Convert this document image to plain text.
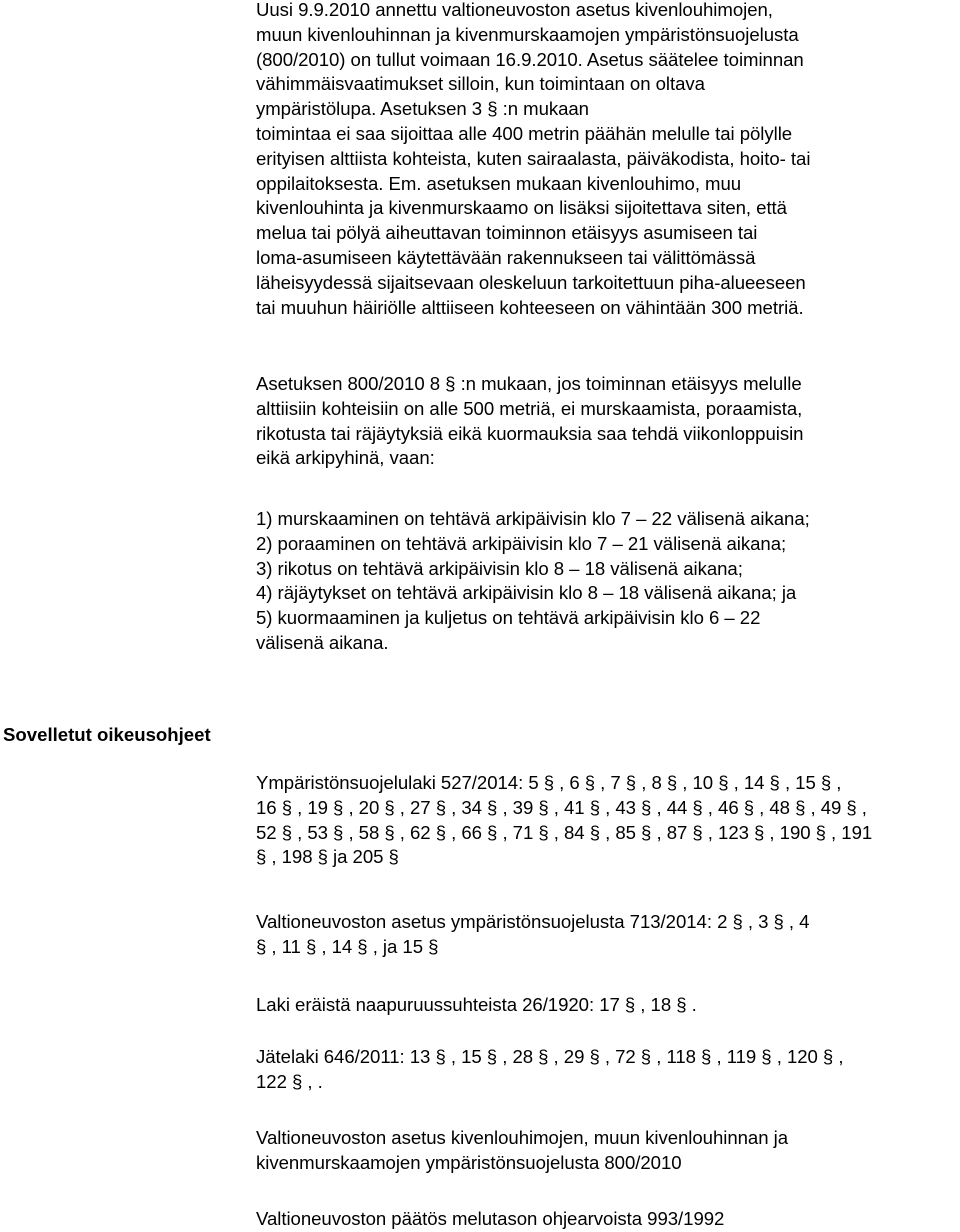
Uusi 9.9.2010 annettu valtioneuvoston asetus kivenlouhimojen,
muun kivenlouhinnan ja kivenmurskaamojen ympäristönsuojelusta
(800/2010) on tullut voimaan 16.9.2010. Asetus säätelee toiminnan
vähimmäisvaatimukset silloin, kun toimintaan on oltava
ympäristölupa. Asetuksen 3 § :n mukaan
toimintaa ei saa sijoittaa alle 400 metrin päähän melulle tai pölylle
erityisen alttiista kohteista, kuten sairaalasta, päiväkodista, hoito- tai
oppilaitoksesta. Em. asetuksen mukaan kivenlouhimo, muu
kivenlouhinta ja kivenmurskaamo on lisäksi sijoitettava siten, että
melua tai pölyä aiheuttavan toiminnon etäisyys asumiseen tai
loma-asumiseen käytettävään rakennukseen tai välittömässä
läheisyydessä sijaitsevaan oleskeluun tarkoitettuun piha-alueeseen
tai muuhun häiriölle alttiiseen kohteeseen on vähintään 300 metriä.
Asetuksen 800/2010 8 § :n mukaan, jos toiminnan etäisyys melulle
alttiisiin kohteisiin on alle 500 metriä, ei murskaamista, poraamista,
rikotusta tai räjäytyksiä eikä kuormauksia saa tehdä viikonloppuisin
eikä arkipyhinä, vaan:
1) murskaaminen on tehtävä arkipäivisin klo 7 – 22 välisenä aikana;
2) poraaminen on tehtävä arkipäivisin klo 7 – 21 välisenä aikana;
3) rikotus on tehtävä arkipäivisin klo 8 – 18 välisenä aikana;
4) räjäytykset on tehtävä arkipäivisin klo 8 – 18 välisenä aikana; ja
5) kuormaaminen ja kuljetus on tehtävä arkipäivisin klo 6 – 22
välisenä aikana.
Sovelletut oikeusohjeet
Ympäristönsuojelulaki 527/2014: 5 § , 6 § , 7 § , 8 § , 10 § , 14 § , 15 § ,
16 § , 19 § , 20 § , 27 § , 34 § , 39 § , 41 § , 43 § , 44 § , 46 § , 48 § , 49 § ,
52 § , 53 § , 58 § , 62 § , 66 § , 71 § , 84 § , 85 § , 87 § , 123 § , 190 § , 191
§ , 198 § ja 205 §
Valtioneuvoston asetus ympäristönsuojelusta 713/2014: 2 § , 3 § , 4
§ , 11 § , 14 § , ja 15 §
Laki eräistä naapuruussuhteista 26/1920: 17 § , 18 § .
Jätelaki 646/2011: 13 § , 15 § , 28 § , 29 § , 72 § , 118 § , 119 § , 120 § ,
122 § , .
Valtioneuvoston asetus kivenlouhimojen, muun kivenlouhinnan ja
kivenmurskaamojen ympäristönsuojelusta 800/2010
Valtioneuvoston päätös melutason ohjearvoista 993/1992
